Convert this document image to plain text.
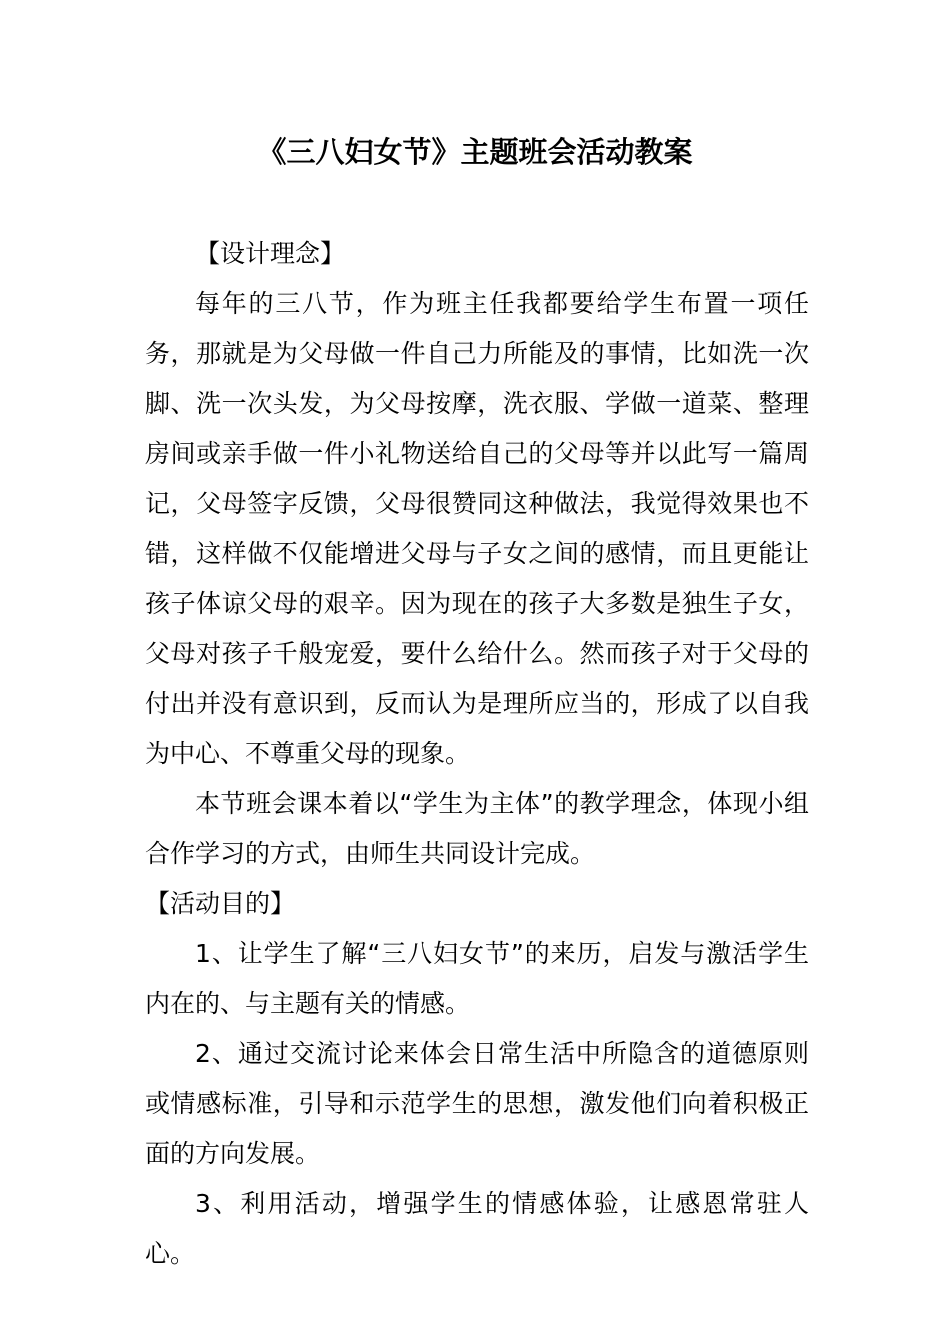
《三八妇女节》主题班会活动教案

【设计理念】

每年的三八节，作为班主任我都要给学生布置一项任务，那就是为父母做一件自己力所能及的事情，比如洗一次脚、洗一次头发，为父母按摩，洗衣服、学做一道菜、整理房间或亲手做一件小礼物送给自己的父母等并以此写一篇周记，父母签字反馈，父母很赞同这种做法，我觉得效果也不错，这样做不仅能增进父母与子女之间的感情，而且更能让孩子体谅父母的艰辛。因为现在的孩子大多数是独生子女，父母对孩子千般宠爱，要什么给什么。然而孩子对于父母的付出并没有意识到，反而认为是理所应当的，形成了以自我为中心、不尊重父母的现象。

本节班会课本着以“学生为主体”的教学理念，体现小组合作学习的方式，由师生共同设计完成。

【活动目的】

1、让学生了解“三八妇女节”的来历，启发与激活学生内在的、与主题有关的情感。

2、通过交流讨论来体会日常生活中所隐含的道德原则或情感标准，引导和示范学生的思想，激发他们向着积极正面的方向发展。

3、利用活动，增强学生的情感体验，让感恩常驻人心。
